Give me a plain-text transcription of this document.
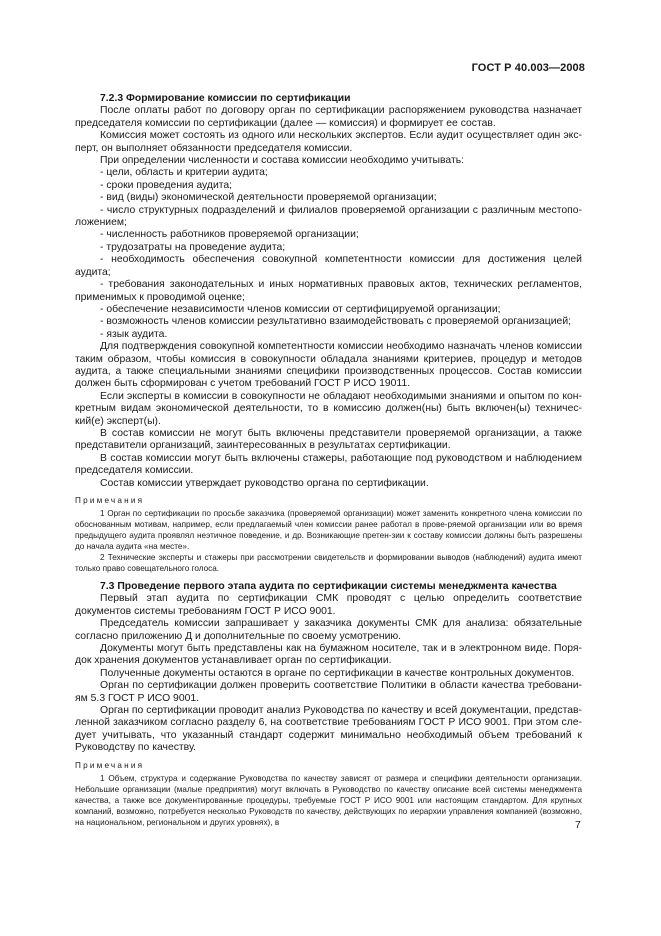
ГОСТ Р 40.003—2008

7.2.3 Формирование комиссии по сертификации

После оплаты работ по договору орган по сертификации распоряжением руководства назначает председателя комиссии по сертификации (далее — комиссия) и формирует ее состав.

Комиссия может состоять из одного или нескольких экспертов. Если аудит осуществляет один экс-перт, он выполняет обязанности председателя комиссии.

При определении численности и состава комиссии необходимо учитывать:

- цели, область и критерии аудита;

- сроки проведения аудита;

- вид (виды) экономической деятельности проверяемой организации;

- число структурных подразделений и филиалов проверяемой организации с различным местопо-ложением;

- численность работников проверяемой организации;

- трудозатраты на проведение аудита;

- необходимость обеспечения совокупной компетентности комиссии для достижения целей аудита;

- требования законодательных и иных нормативных правовых актов, технических регламентов, применимых к проводимой оценке;

- обеспечение независимости членов комиссии от сертифицируемой организации;

- возможность членов комиссии результативно взаимодействовать с проверяемой организацией;

- язык аудита.

Для подтверждения совокупной компетентности комиссии необходимо назначать членов комиссии таким образом, чтобы комиссия в совокупности обладала знаниями критериев, процедур и методов аудита, а также специальными знаниями специфики производственных процессов. Состав комиссии должен быть сформирован с учетом требований ГОСТ Р ИСО 19011.

Если эксперты в комиссии в совокупности не обладают необходимыми знаниями и опытом по кон-кретным видам экономической деятельности, то в комиссию должен(ны) быть включен(ы) техничес-кий(е) эксперт(ы).

В состав комиссии не могут быть включены представители проверяемой организации, а также представители организаций, заинтересованных в результатах сертификации.

В состав комиссии могут быть включены стажеры, работающие под руководством и наблюдением председателя комиссии.

Состав комиссии утверждает руководство органа по сертификации.

Примечания

1 Орган по сертификации по просьбе заказчика (проверяемой организации) может заменить конкретного члена комиссии по обоснованным мотивам, например, если предлагаемый член комиссии ранее работал в прове-ряемой организации или во время предыдущего аудита проявлял неэтичное поведение, и др. Возникающие претен-зии к составу комиссии должны быть разрешены до начала аудита «на месте».

2 Технические эксперты и стажеры при рассмотрении свидетельств и формировании выводов (наблюдений) аудита имеют только право совещательного голоса.

7.3 Проведение первого этапа аудита по сертификации системы менеджмента качества

Первый этап аудита по сертификации СМК проводят с целью определить соответствие документов системы требованиям ГОСТ Р ИСО 9001.

Председатель комиссии запрашивает у заказчика документы СМК для анализа: обязательные согласно приложению Д и дополнительные по своему усмотрению.

Документы могут быть представлены как на бумажном носителе, так и в электронном виде. Поря-док хранения документов устанавливает орган по сертификации.

Полученные документы остаются в органе по сертификации в качестве контрольных документов.

Орган по сертификации должен проверить соответствие Политики в области качества требовани-ям 5.3 ГОСТ Р ИСО 9001.

Орган по сертификации проводит анализ Руководства по качеству и всей документации, представ-ленной заказчиком согласно разделу 6, на соответствие требованиям ГОСТ Р ИСО 9001. При этом сле-дует учитывать, что указанный стандарт содержит минимально необходимый объем требований к Руководству по качеству.

Примечания

1 Объем, структура и содержание Руководства по качеству зависят от размера и специфики деятельности организации. Небольшие организации (малые предприятия) могут включать в Руководство по качеству описание всей системы менеджмента качества, а также все документированные процедуры, требуемые ГОСТ Р ИСО 9001 или настоящим стандартом. Для крупных компаний, возможно, потребуется несколько Руководств по качеству, действующих по иерархии управления компанией (возможно, на национальном, региональном и других уровнях), в	7
